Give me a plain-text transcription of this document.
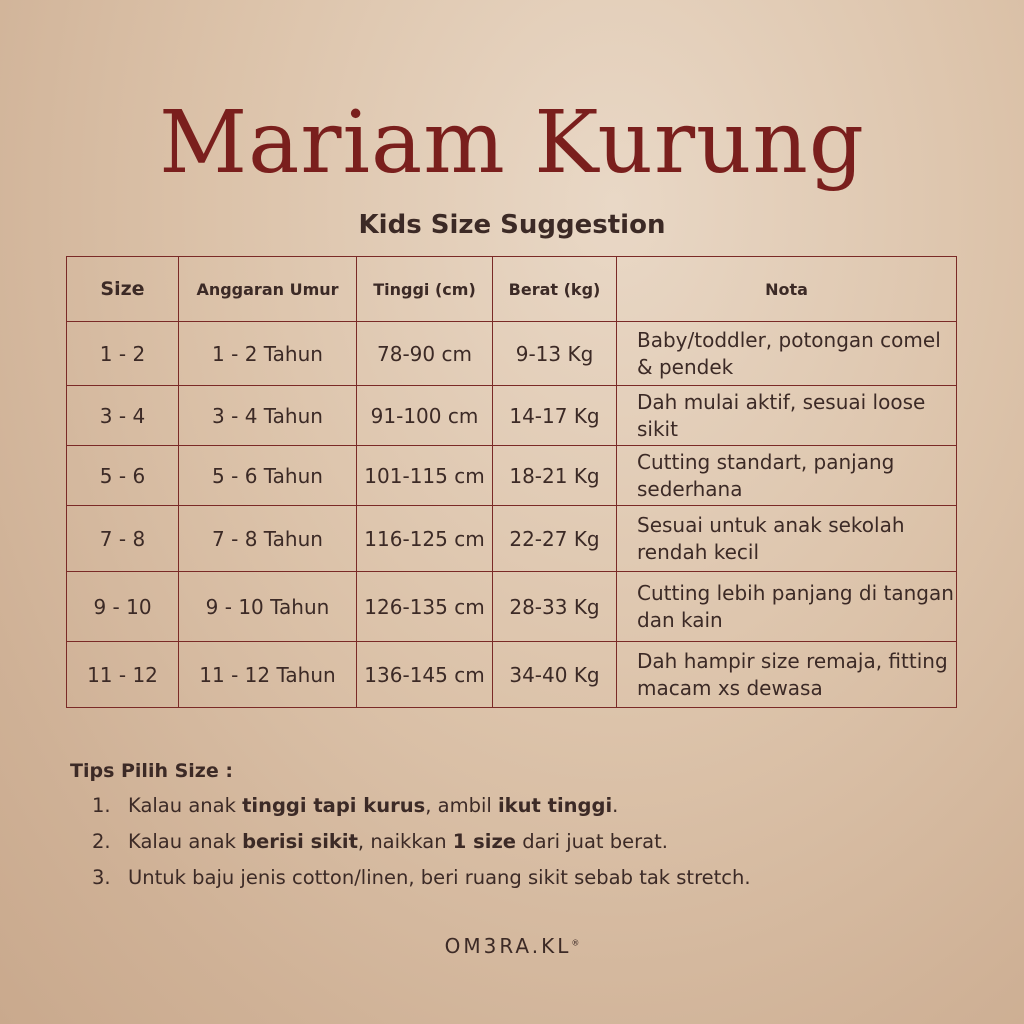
Mariam Kurung
Kids Size Suggestion
Size	Anggaran Umur	Tinggi (cm)	Berat (kg)	Nota
1 - 2	1 - 2 Tahun	78-90 cm	9-13 Kg	Baby/toddler, potongan comel & pendek
3 - 4	3 - 4 Tahun	91-100 cm	14-17 Kg	Dah mulai aktif, sesuai loose sikit
5 - 6	5 - 6 Tahun	101-115 cm	18-21 Kg	Cutting standart, panjang sederhana
7 - 8	7 - 8 Tahun	116-125 cm	22-27 Kg	Sesuai untuk anak sekolah rendah kecil
9 - 10	9 - 10 Tahun	126-135 cm	28-33 Kg	Cutting lebih panjang di tangan dan kain
11 - 12	11 - 12 Tahun	136-145 cm	34-40 Kg	Dah hampir size remaja, fitting macam xs dewasa
Tips Pilih Size :
1. Kalau anak tinggi tapi kurus, ambil ikut tinggi.
2. Kalau anak berisi sikit, naikkan 1 size dari juat berat.
3. Untuk baju jenis cotton/linen, beri ruang sikit sebab tak stretch.
OM3RA.KL®
